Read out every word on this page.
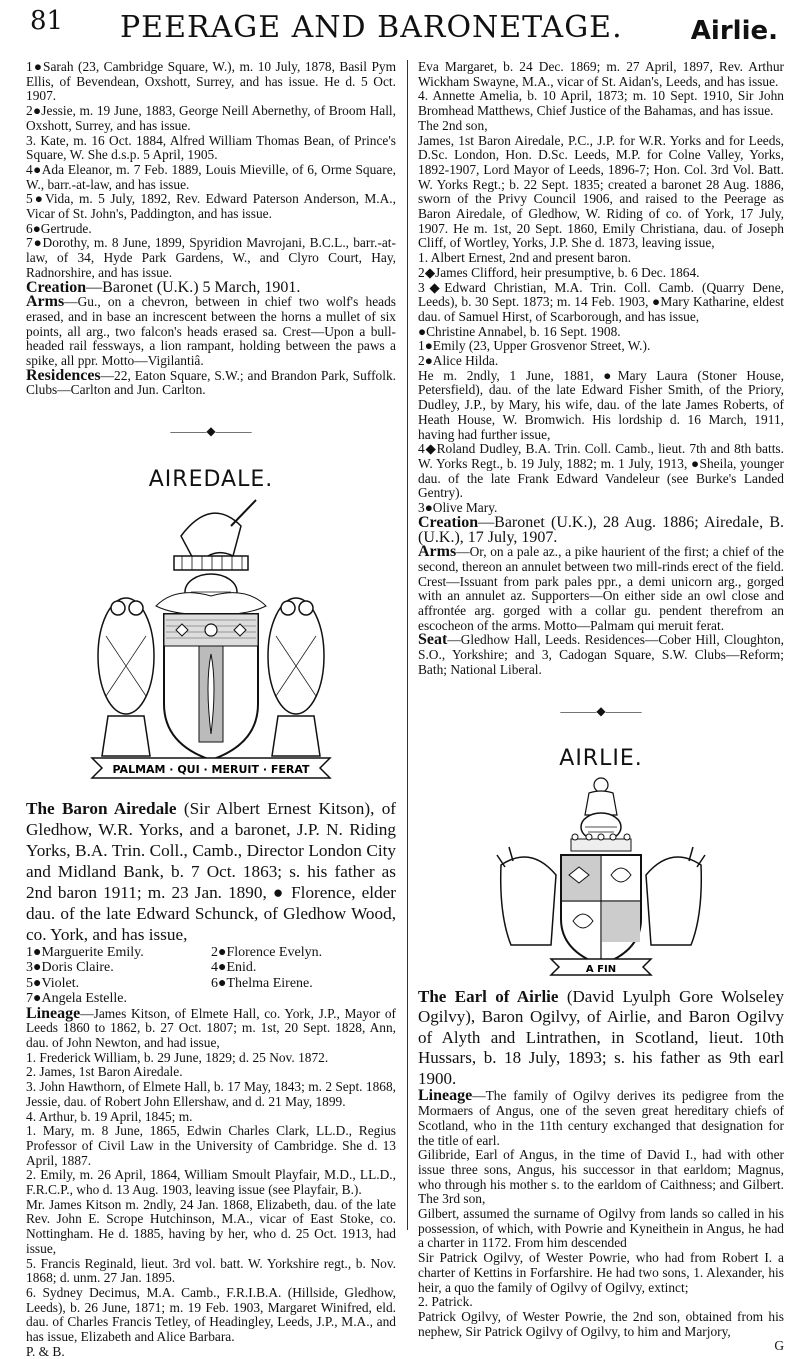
81 PEERAGE AND BARONETAGE.	Airlie.

1●Sarah (23, Cambridge Square, W.), m. 10 July, 1878, Basil Pym Ellis, of Bevendean, Oxshott, Surrey, and has issue. He d. 5 Oct. 1907.

2●Jessie, m. 19 June, 1883, George Neill Abernethy, of Broom Hall, Oxshott, Surrey, and has issue.

3. Kate, m. 16 Oct. 1884, Alfred William Thomas Bean, of Prince's Square, W. She d.s.p. 5 April, 1905.

4●Ada Eleanor, m. 7 Feb. 1889, Louis Mieville, of 6, Orme Square, W., barr.-at-law, and has issue.

5●Vida, m. 5 July, 1892, Rev. Edward Paterson Anderson, M.A., Vicar of St. John's, Paddington, and has issue.

6●Gertrude.

7●Dorothy, m. 8 June, 1899, Spyridion Mavrojani, B.C.L., barr.-at-law, of 34, Hyde Park Gardens, W., and Clyro Court, Hay, Radnorshire, and has issue.

Creation—Baronet (U.K.) 5 March, 1901.

Arms—Gu., on a chevron, between in chief two wolf's heads erased, and in base an increscent between the horns a mullet of six points, all arg., two falcon's heads erased sa. Crest—Upon a bull-headed rail fessways, a lion rampant, holding between the paws a spike, all ppr. Motto—Vigilantiâ.

Residences—22, Eaton Square, S.W.; and Brandon Park, Suffolk. Clubs—Carlton and Jun. Carlton.

———◆———
AIREDALE.
PALMAM · QUI · MERUIT · FERAT

The Baron Airedale (Sir Albert Ernest Kitson), of Gledhow, W.R. Yorks, and a baronet, J.P. N. Riding Yorks, B.A. Trin. Coll., Camb., Director London City and Midland Bank, b. 7 Oct. 1863; s. his father as 2nd baron 1911; m. 23 Jan. 1890, ● Florence, elder dau. of the late Edward Schunck, of Gledhow Wood, co. York, and has issue,

1●Marguerite Emily.	2●Florence Evelyn.
3●Doris Claire.	4●Enid.
5●Violet.	6●Thelma Eirene.
7●Angela Estelle.

Lineage—James Kitson, of Elmete Hall, co. York, J.P., Mayor of Leeds 1860 to 1862, b. 27 Oct. 1807; m. 1st, 20 Sept. 1828, Ann, dau. of John Newton, and had issue,

1. Frederick William, b. 29 June, 1829; d. 25 Nov. 1872.

2. James, 1st Baron Airedale.

3. John Hawthorn, of Elmete Hall, b. 17 May, 1843; m. 2 Sept. 1868, Jessie, dau. of Robert John Ellershaw, and d. 21 May, 1899.

4. Arthur, b. 19 April, 1845; m.

1. Mary, m. 8 June, 1865, Edwin Charles Clark, LL.D., Regius Professor of Civil Law in the University of Cambridge. She d. 13 April, 1887.

2. Emily, m. 26 April, 1864, William Smoult Playfair, M.D., LL.D., F.R.C.P., who d. 13 Aug. 1903, leaving issue (see Playfair, B.).

Mr. James Kitson m. 2ndly, 24 Jan. 1868, Elizabeth, dau. of the late Rev. John E. Scrope Hutchinson, M.A., vicar of East Stoke, co. Nottingham. He d. 1885, having by her, who d. 25 Oct. 1913, had issue,

5. Francis Reginald, lieut. 3rd vol. batt. W. Yorkshire regt., b. Nov. 1868; d. unm. 27 Jan. 1895.

6. Sydney Decimus, M.A. Camb., F.R.I.B.A. (Hillside, Gledhow, Leeds), b. 26 June, 1871; m. 19 Feb. 1903, Margaret Winifred, eld. dau. of Charles Francis Tetley, of Headingley, Leeds, J.P., M.A., and has issue, Elizabeth and Alice Barbara.

P. & B.

Eva Margaret, b. 24 Dec. 1869; m. 27 April, 1897, Rev. Arthur Wickham Swayne, M.A., vicar of St. Aidan's, Leeds, and has issue.

4. Annette Amelia, b. 10 April, 1873; m. 10 Sept. 1910, Sir John Bromhead Matthews, Chief Justice of the Bahamas, and has issue.

The 2nd son,

James, 1st Baron Airedale, P.C., J.P. for W.R. Yorks and for Leeds, D.Sc. London, Hon. D.Sc. Leeds, M.P. for Colne Valley, Yorks, 1892-1907, Lord Mayor of Leeds, 1896-7; Hon. Col. 3rd Vol. Batt. W. Yorks Regt.; b. 22 Sept. 1835; created a baronet 28 Aug. 1886, sworn of the Privy Council 1906, and raised to the Peerage as Baron Airedale, of Gledhow, W. Riding of co. of York, 17 July, 1907. He m. 1st, 20 Sept. 1860, Emily Christiana, dau. of Joseph Cliff, of Wortley, Yorks, J.P. She d. 1873, leaving issue,

1. Albert Ernest, 2nd and present baron.

2◆James Clifford, heir presumptive, b. 6 Dec. 1864.

3◆Edward Christian, M.A. Trin. Coll. Camb. (Quarry Dene, Leeds), b. 30 Sept. 1873; m. 14 Feb. 1903, ●Mary Katharine, eldest dau. of Samuel Hirst, of Scarborough, and has issue,

●Christine Annabel, b. 16 Sept. 1908.

1●Emily (23, Upper Grosvenor Street, W.).

2●Alice Hilda.

He m. 2ndly, 1 June, 1881, ●Mary Laura (Stoner House, Petersfield), dau. of the late Edward Fisher Smith, of the Priory, Dudley, J.P., by Mary, his wife, dau. of the late James Roberts, of Heath House, W. Bromwich. His lordship d. 16 March, 1911, having had further issue,

4◆Roland Dudley, B.A. Trin. Coll. Camb., lieut. 7th and 8th batts. W. Yorks Regt., b. 19 July, 1882; m. 1 July, 1913, ●Sheila, younger dau. of the late Frank Edward Vandeleur (see Burke's Landed Gentry).

3●Olive Mary.

Creation—Baronet (U.K.), 28 Aug. 1886; Airedale, B. (U.K.), 17 July, 1907.

Arms—Or, on a pale az., a pike haurient of the first; a chief of the second, thereon an annulet between two mill-rinds erect of the field. Crest—Issuant from park pales ppr., a demi unicorn arg., gorged with an annulet az. Supporters—On either side an owl close and affrontée arg. gorged with a collar gu. pendent therefrom an escocheon of the arms. Motto—Palmam qui meruit ferat.

Seat—Gledhow Hall, Leeds. Residences—Cober Hill, Cloughton, S.O., Yorkshire; and 3, Cadogan Square, S.W. Clubs—Reform; Bath; National Liberal.

———◆———
AIRLIE.
A FIN

The Earl of Airlie (David Lyulph Gore Wolseley Ogilvy), Baron Ogilvy, of Airlie, and Baron Ogilvy of Alyth and Lintrathen, in Scotland, lieut. 10th Hussars, b. 18 July, 1893; s. his father as 9th earl 1900.

Lineage—The family of Ogilvy derives its pedigree from the Mormaers of Angus, one of the seven great hereditary chiefs of Scotland, who in the 11th century exchanged that designation for the title of earl.

Gilibride, Earl of Angus, in the time of David I., had with other issue three sons, Angus, his successor in that earldom; Magnus, who through his mother s. to the earldom of Caithness; and Gilbert. The 3rd son,

Gilbert, assumed the surname of Ogilvy from lands so called in his possession, of which, with Powrie and Kyneithein in Angus, he had a charter in 1172. From him descended

Sir Patrick Ogilvy, of Wester Powrie, who had from Robert I. a charter of Kettins in Forfarshire. He had two sons, 1. Alexander, his heir, a quo the family of Ogilvy of Ogilvy, extinct;

2. Patrick.

Patrick Ogilvy, of Wester Powrie, the 2nd son, obtained from his nephew, Sir Patrick Ogilvy of Ogilvy, to him and Marjory,

G
